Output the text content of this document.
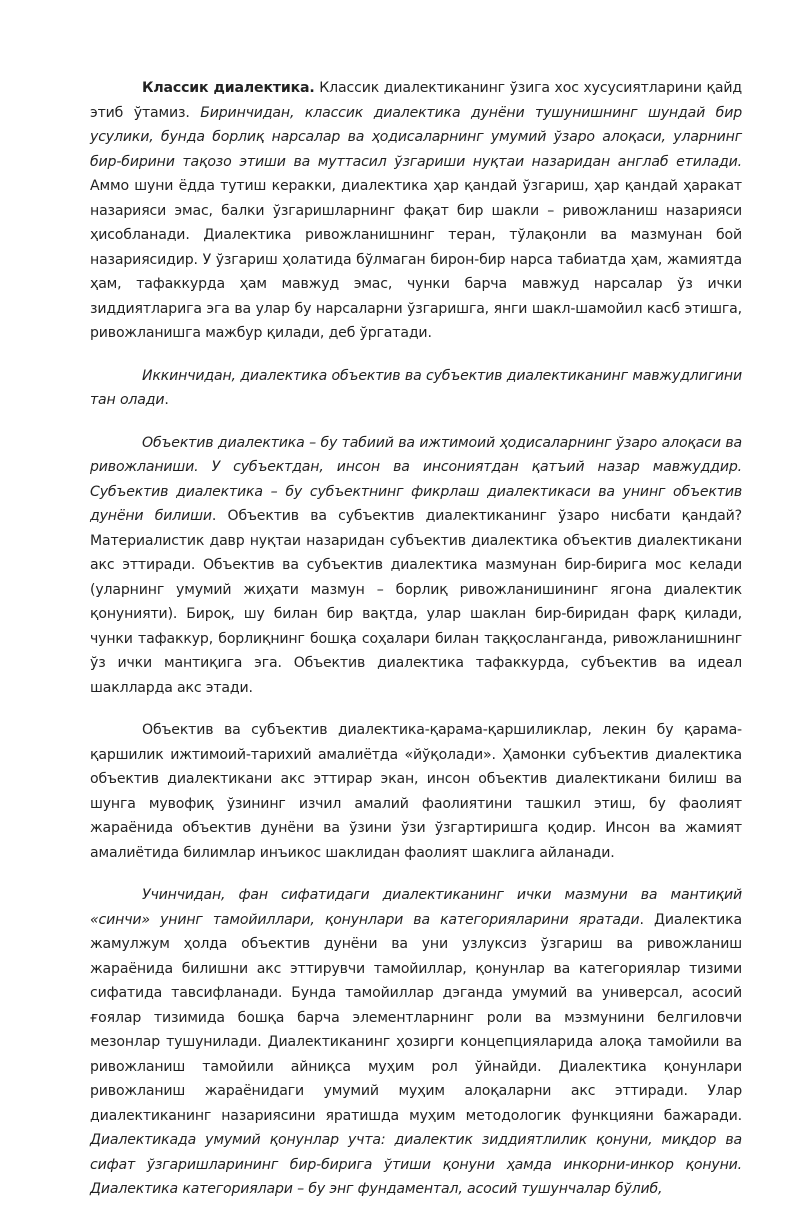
Классик диалектика. Классик диалектиканинг ўзига хос хусусиятларини қайд этиб ўтамиз. Биринчидан, классик диалектика дунёни тушунишнинг шундай бир усулики, бунда борлиқ нарсалар ва ҳодисаларнинг умумий ўзаро алоқаси, уларнинг бир-бирини тақозо этиши ва муттасил ўзгариши нуқтаи назаридан англаб етилади. Аммо шуни ёдда тутиш керакки, диалектика ҳар қандай ўзгариш, ҳар қандай ҳаракат назарияси эмас, балки ўзгаришларнинг фақат бир шакли – ривожланиш назарияси ҳисобланади. Диалектика ривожланишнинг теран, тўлақонли ва мазмунан бой назариясидир. У ўзгариш ҳолатида бўлмаган бирон-бир нарса табиатда ҳам, жамиятда ҳам, тафаккурда ҳам мавжуд эмас, чунки барча мавжуд нарсалар ўз ички зиддиятларига эга ва улар бу нарсаларни ўзгаришга, янги шакл-шамойил касб этишга, ривожланишга мажбур қилади, деб ўргатади.

Иккинчидан, диалектика объектив ва субъектив диалектиканинг мавжудлигини тан олади.

Объектив диалектика – бу табиий ва ижтимоий ҳодисаларнинг ўзаро алоқаси ва ривожланиши. У субъектдан, инсон ва инсониятдан қатъий назар мавжуддир. Субъектив диалектика – бу субъектнинг фикрлаш диалектикаси ва унинг объектив дунёни билиши. Объектив ва субъектив диалектиканинг ўзаро нисбати қандай? Материалистик давр нуқтаи назаридан субъектив диалектика объектив диалектикани акс эттиради. Объектив ва субъектив диалектика мазмунан бир-бирига мос келади (уларнинг умумий жиҳати мазмун – борлиқ ривожланишининг ягона диалектик қонунияти). Бироқ, шу билан бир вақтда, улар шаклан бир-биридан фарқ қилади, чунки тафаккур, борлиқнинг бошқа соҳалари билан таққосланганда, ривожланишнинг ўз ички мантиқига эга. Объектив диалектика тафаккурда, субъектив ва идеал шаклларда акс этади.

Объектив ва субъектив диалектика-қарама-қаршиликлар, лекин бу қарама-қаршилик ижтимоий-тарихий амалиётда «йўқолади». Ҳамонки субъектив диалектика объектив диалектикани акс эттирар экан, инсон объектив диалектикани билиш ва шунга мувофиқ ўзининг изчил амалий фаолиятини ташкил этиш, бу фаолият жараёнида объектив дунёни ва ўзини ўзи ўзгартиришга қодир. Инсон ва жамият амалиётида билимлар инъикос шаклидан фаолият шаклига айланади.

Учинчидан, фан сифатидаги диалектиканинг ички мазмуни ва мантиқий «синчи» унинг тамойиллари, қонунлари ва категорияларини яратади. Диалектика жамулжум ҳолда объектив дунёни ва уни узлуксиз ўзгариш ва ривожланиш жараёнида билишни акс эттирувчи тамойиллар, қонунлар ва категориялар тизими сифатида тавсифланади. Бунда тамойиллар дэганда умумий ва универсал, асосий ғоялар тизимида бошқа барча элементларнинг роли ва мэзмунини белгиловчи мезонлар тушунилади. Диалектиканинг ҳозирги концепцияларида алоқа тамойили ва ривожланиш тамойили айниқса муҳим рол ўйнайди. Диалектика қонунлари ривожланиш жараёнидаги умумий муҳим алоқаларни акс эттиради. Улар диалектиканинг назариясини яратишда муҳим методологик функцияни бажаради. Диалектикада умумий қонунлар учта: диалектик зиддиятлилик қонуни, миқдор ва сифат ўзгаришларининг бир-бирига ўтиши қонуни ҳамда инкорни-инкор қонуни. Диалектика категориялари – бу энг фундаментал, асосий тушунчалар бўлиб,
